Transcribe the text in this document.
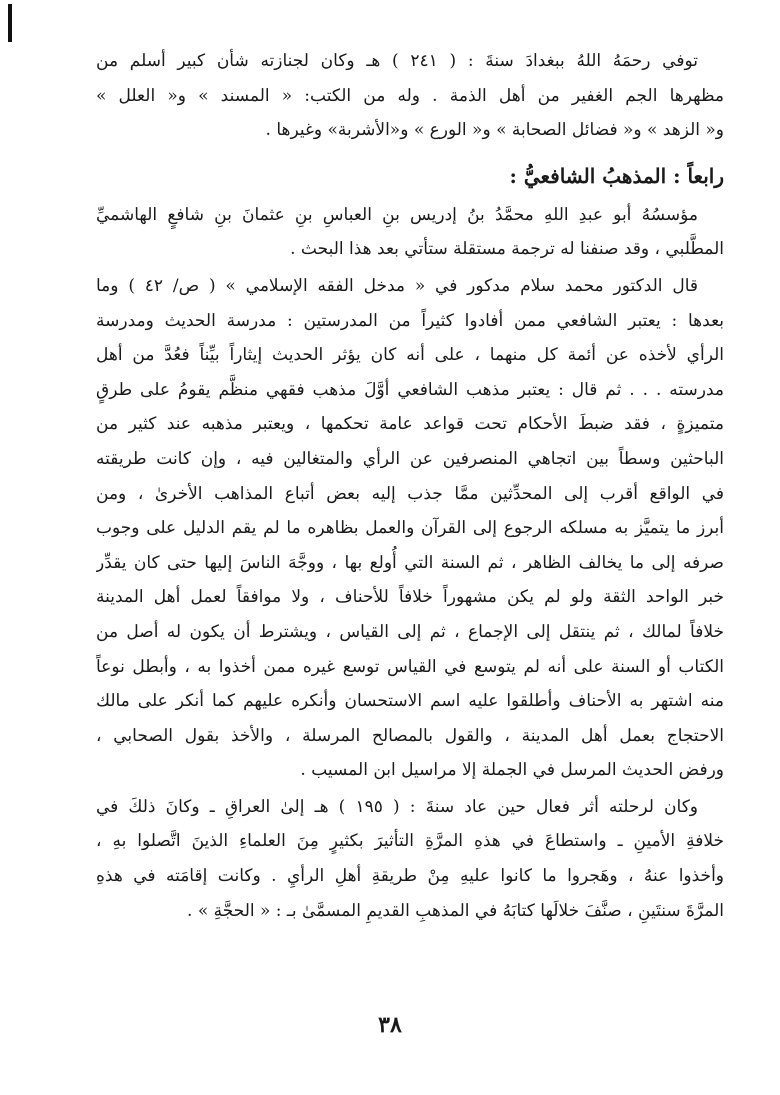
توفي رحمَهُ اللهُ ببغدادَ سنةَ : ( ٢٤١ ) هـ وكان لجنازته شأن كبير أسلم من
مظهرها الجم الغفير من أهل الذمة . وله من الكتب: « المسند » و« العلل »
و« الزهد » و« فضائل الصحابة » و« الورع » و«الأشربة» وغيرها .
رابعاً : المذهبُ الشافعيُّ :
مؤسسُهُ أبو عبدِ اللهِ محمَّدُ بنُ إدريس بنِ العباسِ بنِ عثمانَ بنِ شافعٍ الهاشميِّ
المطَّلبي ، وقد صنفنا له ترجمة مستقلة ستأتي بعد هذا البحث .
قال الدكتور محمد سلام مدكور في « مدخل الفقه الإسلامي » ( ص/ ٤٢ ) وما
بعدها : يعتبر الشافعي ممن أفادوا كثيراً من المدرستين : مدرسة الحديث ومدرسة
الرأي لأخذه عن أئمة كل منهما ، على أنه كان يؤثر الحديث إيثاراً بيِّناً فعُدَّ من أهل
مدرسته . . . ثم قال : يعتبر مذهب الشافعي أوَّلَ مذهب فقهي منظَّم يقومُ على طرقٍ
متميزةٍ ، فقد ضبطَ الأحكام تحت قواعد عامة تحكمها ، ويعتبر مذهبه عند كثير من
الباحثين وسطاً بين اتجاهي المنصرفين عن الرأي والمتغالين فيه ، وإن كانت طريقته
في الواقع أقرب إلى المحدِّثين ممَّا جذب إليه بعض أتباع المذاهب الأخرىٰ ، ومن
أبرز ما يتميَّز به مسلكه الرجوع إلى القرآن والعمل بظاهره ما لم يقم الدليل على وجوب
صرفه إلى ما يخالف الظاهر ، ثم السنة التي أُولع بها ، ووجَّهَ الناسَ إليها حتى كان يقدِّر
خبر الواحد الثقة ولو لم يكن مشهوراً خلافاً للأحناف ، ولا موافقاً لعمل أهل المدينة
خلافاً لمالك ، ثم ينتقل إلى الإجماع ، ثم إلى القياس ، ويشترط أن يكون له أصل من
الكتاب أو السنة على أنه لم يتوسع في القياس توسع غيره ممن أخذوا به ، وأبطل نوعاً
منه اشتهر به الأحناف وأطلقوا عليه اسم الاستحسان وأنكره عليهم كما أنكر على مالك
الاحتجاج بعمل أهل المدينة ، والقول بالمصالح المرسلة ، والأخذ بقول الصحابي ،
ورفض الحديث المرسل في الجملة إلا مراسيل ابن المسيب .
وكان لرحلته أثر فعال حين عاد سنةَ : ( ١٩٥ ) هـ إلىٰ العراقِ ـ وكانَ ذلكَ في
خلافةِ الأمينِ ـ واستطاعَ في هذهِ المرَّةِ التأثيرَ بكثيرٍ مِنَ العلماءِ الذينَ اتَّصلوا بهِ ،
وأخذوا عنهُ ، وهَجروا ما كانوا عليهِ مِنْ طريقةِ أهلِ الرأيِ . وكانت إقامَته في هذهِ
المرَّةَ سنتَينِ ، صنَّفَ خلالَها كتابَهُ في المذهبِ القديمِ المسمَّىٰ بـ : « الحجَّةِ » .
٣٨
